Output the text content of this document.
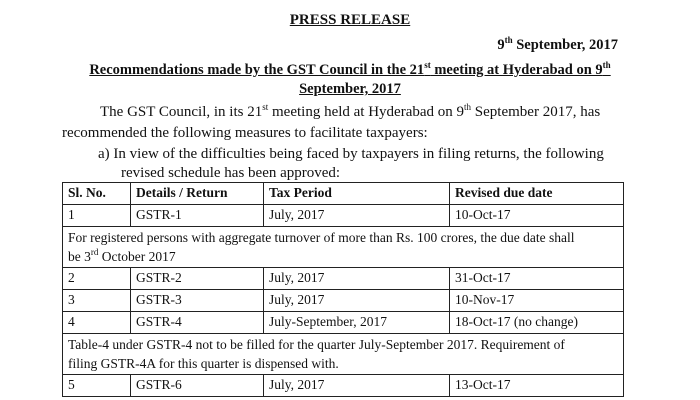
PRESS RELEASE
9th September, 2017
Recommendations made by the GST Council in the 21st meeting at Hyderabad on 9th
September, 2017
The GST Council, in its 21st meeting held at Hyderabad on 9th September 2017, has
recommended the following measures to facilitate taxpayers:
a) In view of the difficulties being faced by taxpayers in filing returns, the following
revised schedule has been approved:
Sl. No.	Details / Return	Tax Period	Revised due date
1	GSTR-1	July, 2017	10-Oct-17
For registered persons with aggregate turnover of more than Rs. 100 crores, the due date shall
be 3rd October 2017			
2	GSTR-2	July, 2017	31-Oct-17
3	GSTR-3	July, 2017	10-Nov-17
4	GSTR-4	July-September, 2017	18-Oct-17 (no change)
Table-4 under GSTR-4 not to be filled for the quarter July-September 2017. Requirement of
filing GSTR-4A for this quarter is dispensed with.			
5	GSTR-6	July, 2017	13-Oct-17
